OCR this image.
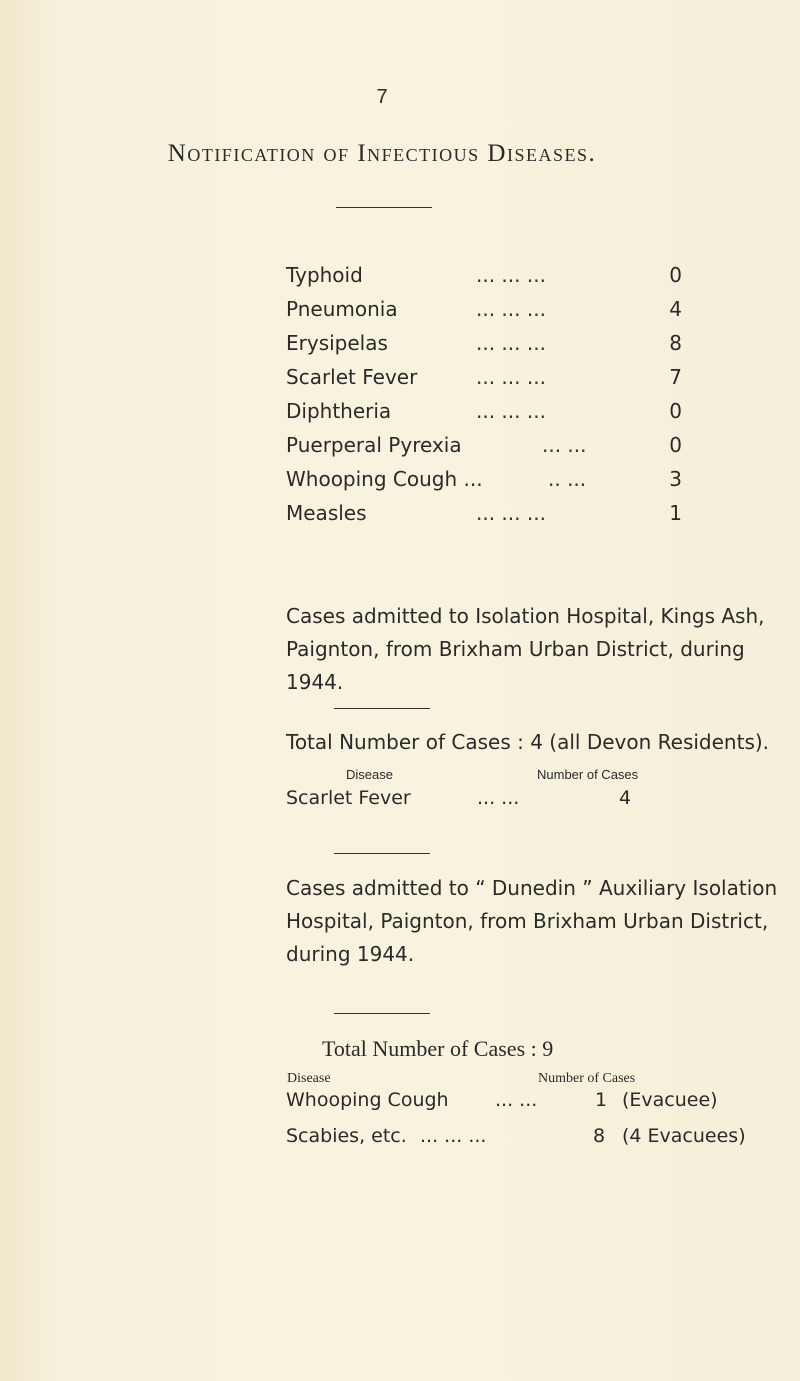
7
Notification of Infectious Diseases.
Typhoid	... ... ...	0
Pneumonia	... ... ...	4
Erysipelas	... ... ...	8
Scarlet Fever	... ... ...	7
Diphtheria	... ... ...	0
Puerperal Pyrexia	... ...	0
Whooping Cough ...	.. ...	3
Measles	... ... ...	1
Cases admitted to Isolation Hospital, Kings Ash,
Paignton, from Brixham Urban District, during 1944.
Total Number of Cases : 4 (all Devon Residents).
Disease	Number of Cases
Scarlet Fever	... ...	4
Cases admitted to “ Dunedin ” Auxiliary Isolation
Hospital, Paignton, from Brixham Urban District,
during 1944.
Total Number of Cases : 9
Disease	Number of Cases
Whooping Cough ... ...	1 (Evacuee)
Scabies, etc. ... ... ...	8 (4 Evacuees)
